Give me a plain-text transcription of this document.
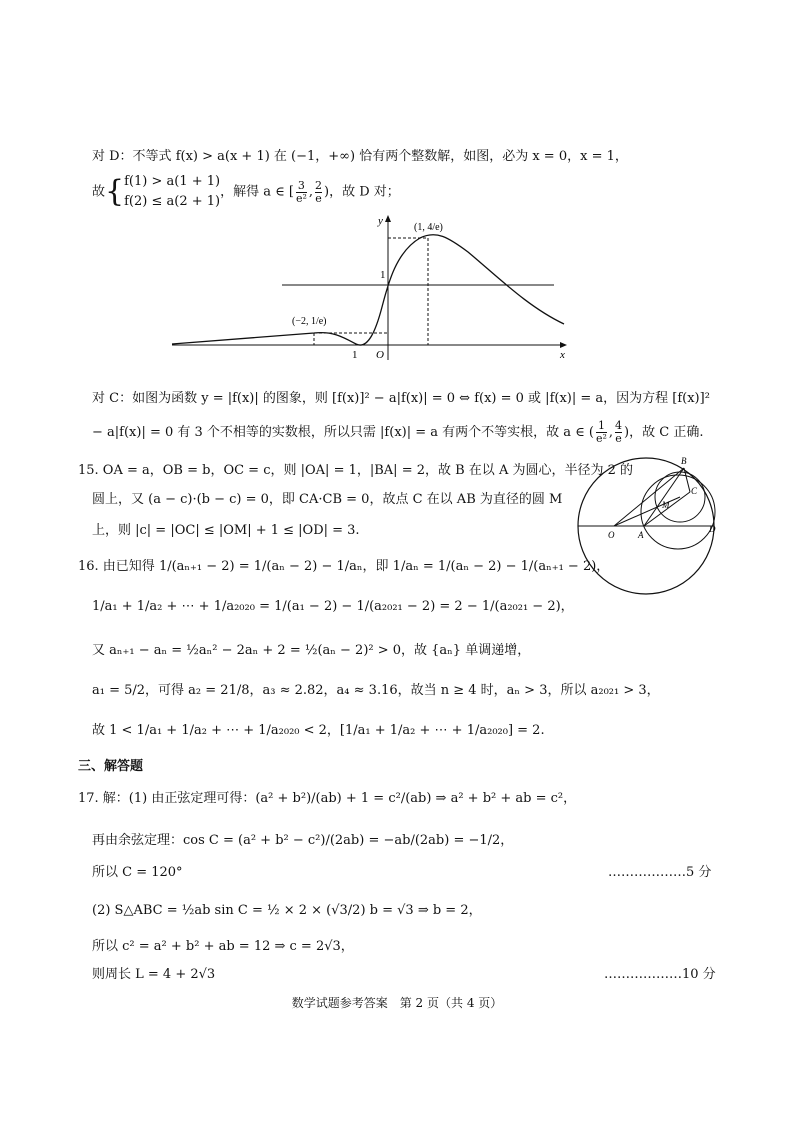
对 D：不等式 f(x) > a(x + 1) 在 (−1，+∞) 恰有两个整数解，如图，必为 x = 0，x = 1，
故{ f(1) > a(1 + 1)
f(2) ≤ a(2 + 1)
，解得 a ∈ [ $\frac{3}{\text{e²}}$ , $\frac{2}{e}$ )，故 D 对；
y
x
O
1
1
(1, 4/e)
(−2, 1/e)
对 C：如图为函数 y = |f(x)| 的图象，则 [f(x)]² − a|f(x)| = 0 ⇔ f(x) = 0 或 |f(x)| = a，因为方程 [f(x)]²
− a|f(x)| = 0 有 3 个不相等的实数根，所以只需 |f(x)| = a 有两个不等实根，故 a ∈ ( $\frac{1}{\text{e²}}$ , $\frac{4}{e}$ )，故 C 正确.
15. OA = a，OB = b，OC = c，则 |OA| = 1，|BA| = 2，故 B 在以 A 为圆心，半径为 2 的
圆上，又 (a − c)·(b − c) = 0，即 CA·CB = 0，故点 C 在以 AB 为直径的圆 M
上，则 |c| = |OC| ≤ |OM| + 1 ≤ |OD| = 3.	O	A
B
C
M
D
16. 由已知得 1/(aₙ₊₁ − 2) = 1/(aₙ − 2) − 1/aₙ，即 1/aₙ = 1/(aₙ − 2) − 1/(aₙ₊₁ − 2)，
1/a₁ + 1/a₂ + ⋯ + 1/a₂₀₂₀ = 1/(a₁ − 2) − 1/(a₂₀₂₁ − 2) = 2 − 1/(a₂₀₂₁ − 2)，
又 aₙ₊₁ − aₙ = ½aₙ² − 2aₙ + 2 = ½(aₙ − 2)² > 0，故 {aₙ} 单调递增，
a₁ = 5/2，可得 a₂ = 21/8，a₃ ≈ 2.82，a₄ ≈ 3.16，故当 n ≥ 4 时，aₙ > 3，所以 a₂₀₂₁ > 3，
故 1 < 1/a₁ + 1/a₂ + ⋯ + 1/a₂₀₂₀ < 2，[1/a₁ + 1/a₂ + ⋯ + 1/a₂₀₂₀] = 2.
三、解答题
17. 解：(1) 由正弦定理可得：(a² + b²)/(ab) + 1 = c²/(ab) ⇒ a² + b² + ab = c²，
再由余弦定理：cos C = (a² + b² − c²)/(2ab) = −ab/(2ab) = −1/2，
所以 C = 120°	………………5 分
(2) S△ABC = ½ab sin C = ½ × 2 × (√3/2) b = √3 ⇒ b = 2，
所以 c² = a² + b² + ab = 12 ⇒ c = 2√3，
则周长 L = 4 + 2√3	………………10 分
数学试题参考答案　第 2 页（共 4 页）
